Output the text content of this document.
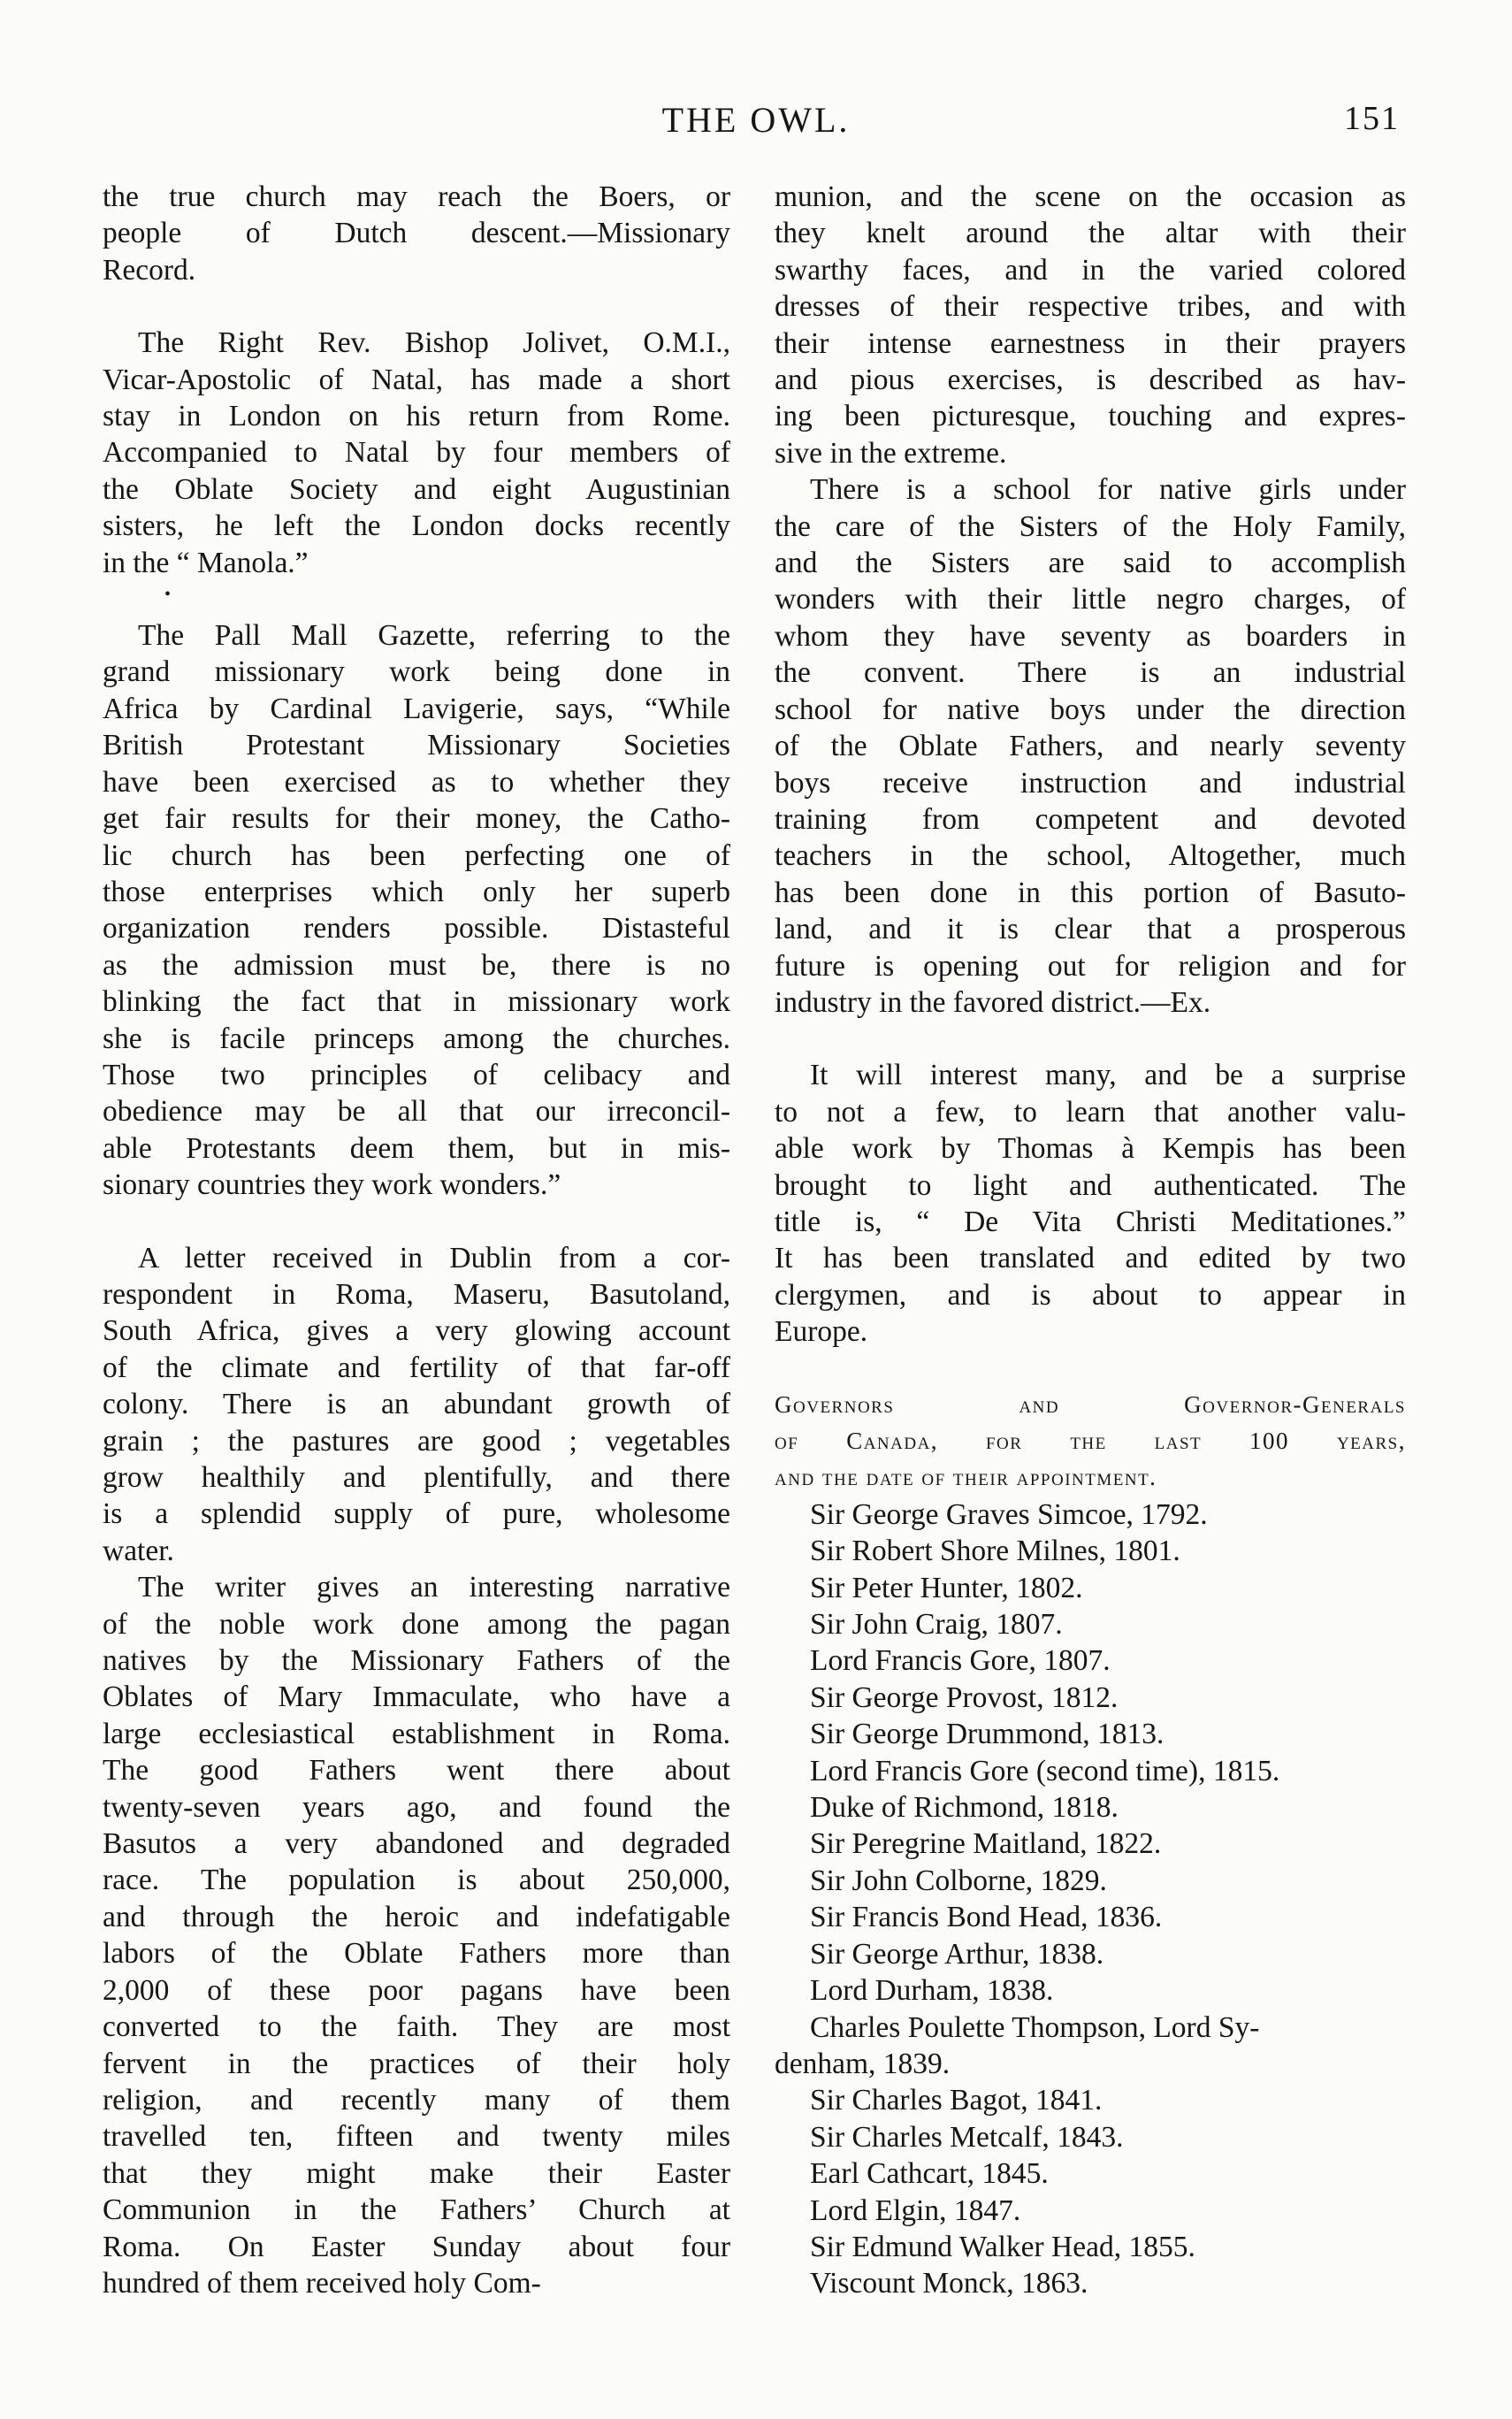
THE OWL.	151
the true church may reach the Boers, or
people of Dutch descent.—Missionary
Record.
The Right Rev. Bishop Jolivet, O.M.I.,
Vicar-Apostolic of Natal, has made a short
stay in London on his return from Rome.
Accompanied to Natal by four members of
the Oblate Society and eight Augustinian
sisters, he left the London docks recently
in the “ Manola.”
•
The Pall Mall Gazette, referring to the
grand missionary work being done in
Africa by Cardinal Lavigerie, says, “While
British Protestant Missionary Societies
have been exercised as to whether they
get fair results for their money, the Catho-
lic church has been perfecting one of
those enterprises which only her superb
organization renders possible. Distasteful
as the admission must be, there is no
blinking the fact that in missionary work
she is facile princeps among the churches.
Those two principles of celibacy and
obedience may be all that our irreconcil-
able Protestants deem them, but in mis-
sionary countries they work wonders.”
A letter received in Dublin from a cor-
respondent in Roma, Maseru, Basutoland,
South Africa, gives a very glowing account
of the climate and fertility of that far-off
colony. There is an abundant growth of
grain ; the pastures are good ; vegetables
grow healthily and plentifully, and there
is a splendid supply of pure, wholesome
water.
The writer gives an interesting narrative
of the noble work done among the pagan
natives by the Missionary Fathers of the
Oblates of Mary Immaculate, who have a
large ecclesiastical establishment in Roma.
The good Fathers went there about
twenty-seven years ago, and found the
Basutos a very abandoned and degraded
race. The population is about 250,000,
and through the heroic and indefatigable
labors of the Oblate Fathers more than
2,000 of these poor pagans have been
converted to the faith. They are most
fervent in the practices of their holy
religion, and recently many of them
travelled ten, fifteen and twenty miles
that they might make their Easter
Communion in the Fathers’ Church at
Roma. On Easter Sunday about four
hundred of them received holy Com-
munion, and the scene on the occasion as
they knelt around the altar with their
swarthy faces, and in the varied colored
dresses of their respective tribes, and with
their intense earnestness in their prayers
and pious exercises, is described as hav-
ing been picturesque, touching and expres-
sive in the extreme.
There is a school for native girls under
the care of the Sisters of the Holy Family,
and the Sisters are said to accomplish
wonders with their little negro charges, of
whom they have seventy as boarders in
the convent. There is an industrial
school for native boys under the direction
of the Oblate Fathers, and nearly seventy
boys receive instruction and industrial
training from competent and devoted
teachers in the school, Altogether, much
has been done in this portion of Basuto-
land, and it is clear that a prosperous
future is opening out for religion and for
industry in the favored district.—Ex.
It will interest many, and be a surprise
to not a few, to learn that another valu-
able work by Thomas à Kempis has been
brought to light and authenticated. The
title is, “ De Vita Christi Meditationes.”
It has been translated and edited by two
clergymen, and is about to appear in
Europe.
Governors and Governor-Generals
of Canada, for the last 100 years,
and the date of their appointment.
Sir George Graves Simcoe, 1792.
Sir Robert Shore Milnes, 1801.
Sir Peter Hunter, 1802.
Sir John Craig, 1807.
Lord Francis Gore, 1807.
Sir George Provost, 1812.
Sir George Drummond, 1813.
Lord Francis Gore (second time), 1815.
Duke of Richmond, 1818.
Sir Peregrine Maitland, 1822.
Sir John Colborne, 1829.
Sir Francis Bond Head, 1836.
Sir George Arthur, 1838.
Lord Durham, 1838.
Charles Poulette Thompson, Lord Sy-
denham, 1839.
Sir Charles Bagot, 1841.
Sir Charles Metcalf, 1843.
Earl Cathcart, 1845.
Lord Elgin, 1847.
Sir Edmund Walker Head, 1855.
Viscount Monck, 1863.
